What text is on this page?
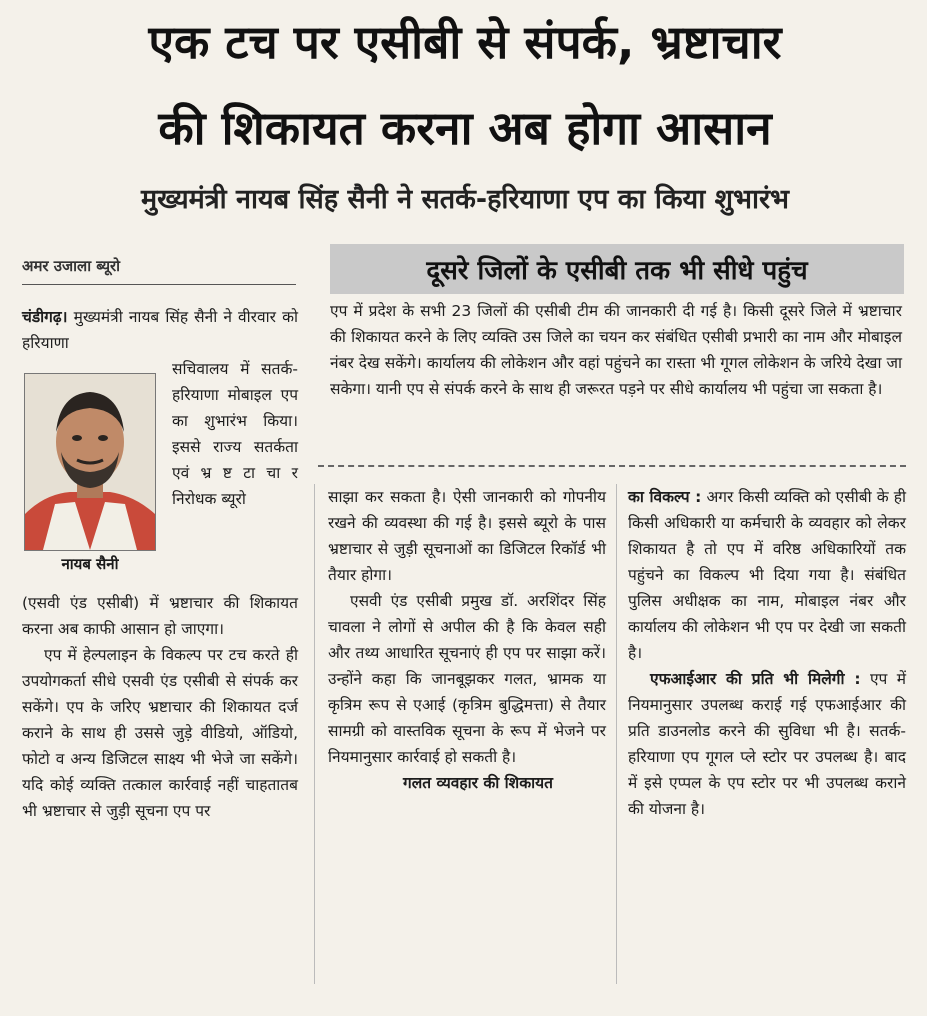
एक टच पर एसीबी से संपर्क, भ्रष्टाचार
की शिकायत करना अब होगा आसान
मुख्यमंत्री नायब सिंह सैनी ने सतर्क-हरियाणा एप का किया शुभारंभ
अमर उजाला ब्यूरो	दूसरे जिलों के एसीबी तक भी सीधे पहुंच
एप में प्रदेश के सभी 23 जिलों की एसीबी टीम की जानकारी दी गई है। किसी दूसरे जिले में भ्रष्टाचार की शिकायत करने के लिए व्यक्ति उस जिले का चयन कर संबंधित एसीबी प्रभारी का नाम और मोबाइल नंबर देख सकेंगे। कार्यालय की लोकेशन और वहां पहुंचने का रास्ता भी गूगल लोकेशन के जरिये देखा जा सकेगा। यानी एप से संपर्क करने के साथ ही जरूरत पड़ने पर सीधे कार्यालय भी पहुंचा जा सकता है।

चंडीगढ़। मुख्यमंत्री नायब सिंह सैनी ने वीरवार को हरियाणा

नायब सैनी

सचिवालय में सतर्क-हरियाणा मोबाइल एप का शुभारंभ किया। इससे राज्य सतर्कता एवं भ्र ष्ट टा चा र निरोधक ब्यूरो

(एसवी एंड एसीबी) में भ्रष्टाचार की शिकायत करना अब काफी आसान हो जाएगा।

एप में हेल्पलाइन के विकल्प पर टच करते ही उपयोगकर्ता सीधे एसवी एंड एसीबी से संपर्क कर सकेंगे। एप के जरिए भ्रष्टाचार की शिकायत दर्ज कराने के साथ ही उससे जुड़े वीडियो, ऑडियो, फोटो व अन्य डिजिटल साक्ष्य भी भेजे जा सकेंगे। यदि कोई व्यक्ति तत्काल कार्रवाई नहीं चाहतातब भी भ्रष्टाचार से जुड़ी सूचना एप पर

साझा कर सकता है। ऐसी जानकारी को गोपनीय रखने की व्यवस्था की गई है। इससे ब्यूरो के पास भ्रष्टाचार से जुड़ी सूचनाओं का डिजिटल रिकॉर्ड भी तैयार होगा।

एसवी एंड एसीबी प्रमुख डॉ. अरशिंदर सिंह चावला ने लोगों से अपील की है कि केवल सही और तथ्य आधारित सूचनाएं ही एप पर साझा करें। उन्होंने कहा कि जानबूझकर गलत, भ्रामक या कृत्रिम रूप से एआई (कृत्रिम बुद्धिमत्ता) से तैयार सामग्री को वास्तविक सूचना के रूप में भेजने पर नियमानुसार कार्रवाई हो सकती है।

गलत व्यवहार की शिकायत

का विकल्प : अगर किसी व्यक्ति को एसीबी के ही किसी अधिकारी या कर्मचारी के व्यवहार को लेकर शिकायत है तो एप में वरिष्ठ अधिकारियों तक पहुंचने का विकल्प भी दिया गया है। संबंधित पुलिस अधीक्षक का नाम, मोबाइल नंबर और कार्यालय की लोकेशन भी एप पर देखी जा सकती है।

एफआईआर की प्रति भी मिलेगी : एप में नियमानुसार उपलब्ध कराई गई एफआईआर की प्रति डाउनलोड करने की सुविधा भी है। सतर्क-हरियाणा एप गूगल प्ले स्टोर पर उपलब्ध है। बाद में इसे एप्पल के एप स्टोर पर भी उपलब्ध कराने की योजना है।
